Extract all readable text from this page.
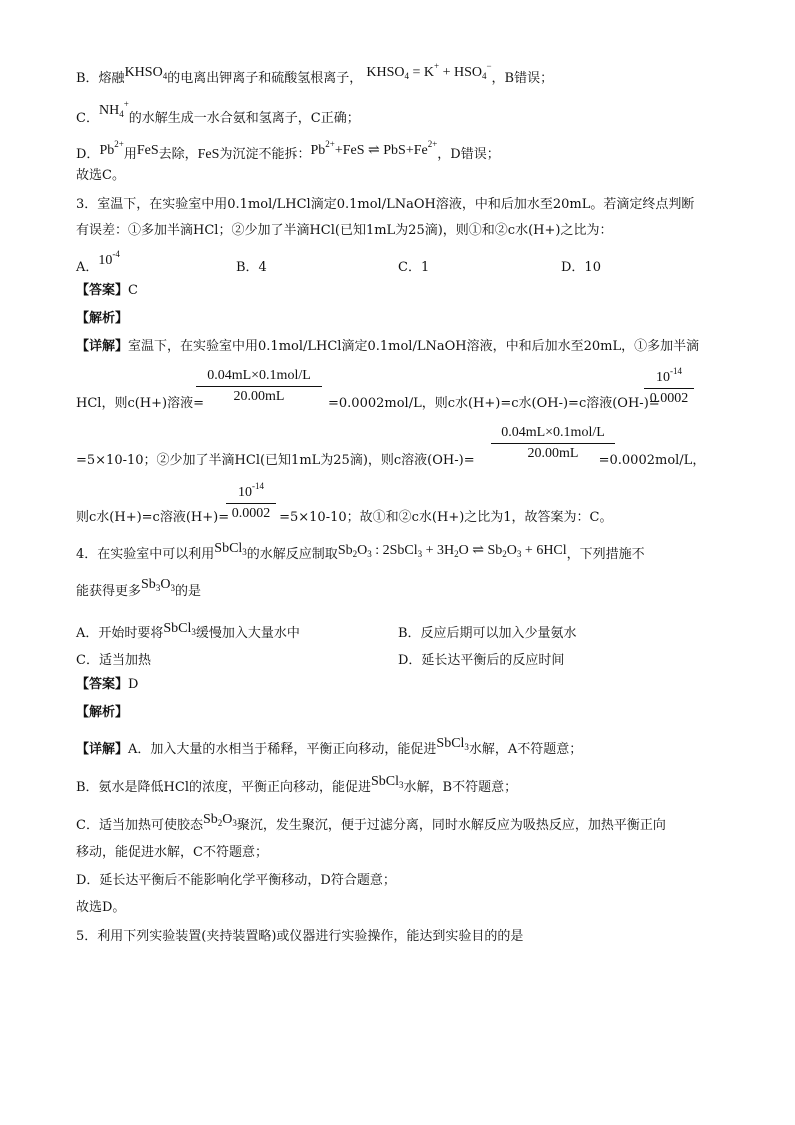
B．熔融$KHSO_4$的电离出钾离子和硫酸氢根离子， $KHSO_4 = K^+ + HSO_4^-$，B错误；
C．$NH_4^+$的水解生成一水合氨和氢离子，C正确；
D．$Pb^{2+}$用FeS去除，FeS为沉淀不能拆：$Pb^{2+}+FeS$ ⇌ $PbS+Fe^{2+}$，D错误；
故选C。
3．室温下，在实验室中用0.1mol/LHCl滴定0.1mol/LNaOH溶液，中和后加水至20mL。若滴定终点判断
有误差：①多加半滴HCl；②少加了半滴HCl(已知1mL为25滴)，则①和②c水(H+)之比为：
A．$10^{-4}$
B．4	C．1	D．10
【答案】C
【解析】
【详解】室温下，在实验室中用0.1mol/LHCl滴定0.1mol/LNaOH溶液，中和后加水至20mL，①多加半滴
HCl，则c(H+)溶液=	=0.0002mol/L，则c水(H+)=c水(OH-)=c溶液(OH-)=
0.04mL×0.1mol/L
20.00mL
$10^{-14}$
0.0002
=5×10-10；②少加了半滴HCl(已知1mL为25滴)，则c溶液(OH-)=	=0.0002mol/L，
0.04mL×0.1mol/L
20.00mL
则c水(H+)=c溶液(H+)=	=5×10-10；故①和②c水(H+)之比为1，故答案为：C。
$10^{-14}$
0.0002
4．在实验室中可以利用SbCl$_3$的水解反应制取$Sb_2O_3$ : 2SbCl$_3$ + $3H_2O$ ⇌ $Sb_2O_3 + 6HCl$，下列措施不
能获得更多$Sb_3O_3$的是
A．开始时要将SbCl$_3$缓慢加入大量水中	B．反应后期可以加入少量氨水
C．适当加热	D．延长达平衡后的反应时间
【答案】D
【解析】
【详解】A．加入大量的水相当于稀释，平衡正向移动，能促进SbCl$_3$水解，A不符题意；
B．氨水是降低HCl的浓度，平衡正向移动，能促进SbCl$_3$水解，B不符题意；
C．适当加热可使胶态$Sb_2O_3$聚沉，发生聚沉，便于过滤分离，同时水解反应为吸热反应，加热平衡正向
移动，能促进水解，C不符题意；
D．延长达平衡后不能影响化学平衡移动，D符合题意；
故选D。
5．利用下列实验装置(夹持装置略)或仪器进行实验操作，能达到实验目的的是
